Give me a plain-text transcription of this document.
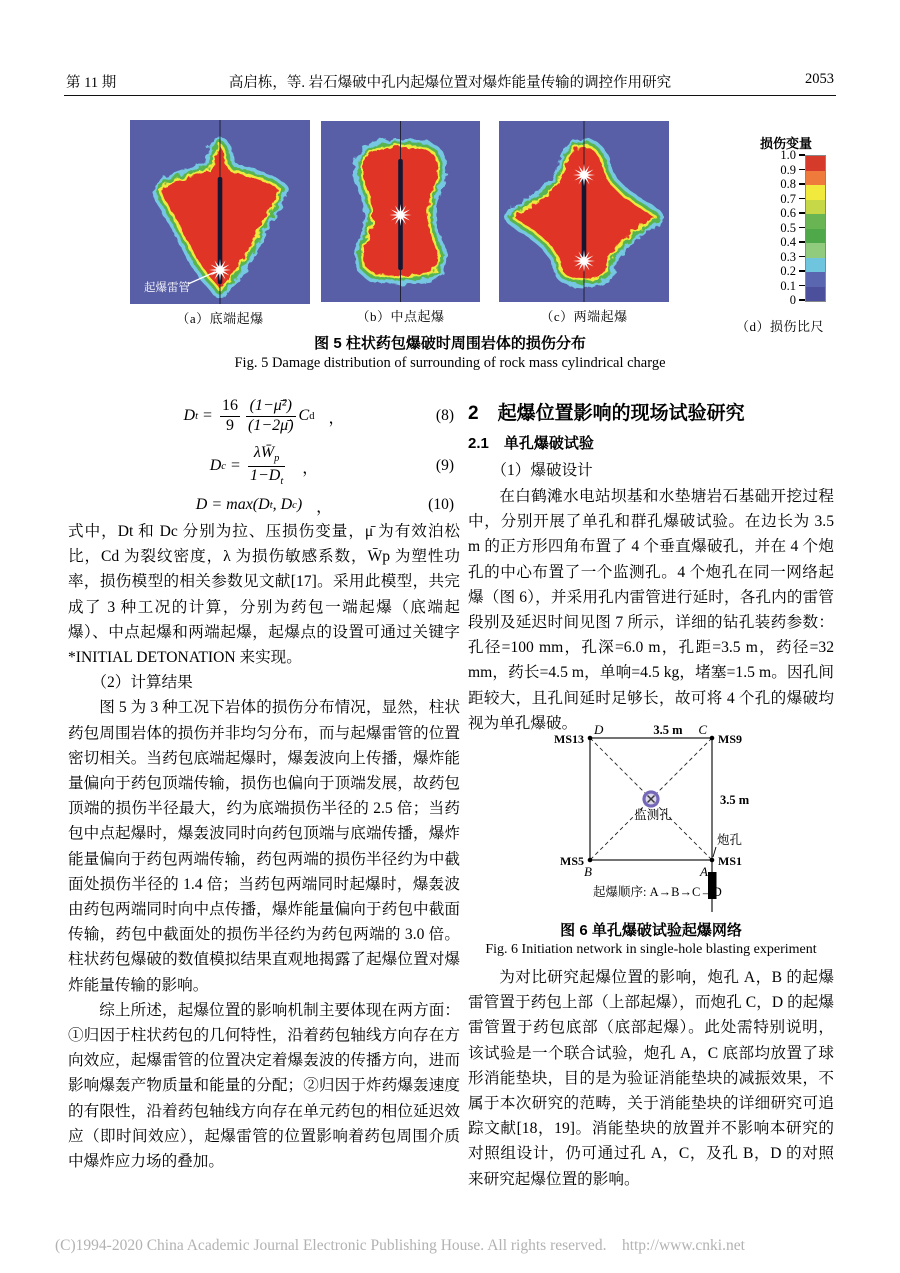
第 11 期	高启栋，等. 岩石爆破中孔内起爆位置对爆炸能量传输的调控作用研究	2053
起爆雷管
（a）底端起爆	（b）中点起爆	（c）两端起爆
损伤变量
1.0
0.9
0.8
0.7
0.6
0.5
0.4
0.3
0.2
0.1
0
（d）损伤比尺
图 5 柱状药包爆破时周围岩体的损伤分布
Fig. 5 Damage distribution of surrounding of rock mass cylindrical charge
D $t = \frac{16}{9} \frac{\text{(1−μ̄²)}}{(1-2\mū)}$ C d ，	(8)
D $c = \frac{\lambda W̄_p}{1-D_t}$ ，	(9)
D = max(D t , D c ) ，	(10)

式中，Dt 和 Dc 分别为拉、压损伤变量，μ̄ 为有效泊松比，Cd 为裂纹密度，λ 为损伤敏感系数，W̄p 为塑性功率，损伤模型的相关参数见文献[17]。采用此模型，共完成了 3 种工况的计算，分别为药包一端起爆（底端起爆）、中点起爆和两端起爆，起爆点的设置可通过关键字*INITIAL DETONATION 来实现。

（2）计算结果

图 5 为 3 种工况下岩体的损伤分布情况，显然，柱状药包周围岩体的损伤并非均匀分布，而与起爆雷管的位置密切相关。当药包底端起爆时，爆轰波向上传播，爆炸能量偏向于药包顶端传输，损伤也偏向于顶端发展，故药包顶端的损伤半径最大，约为底端损伤半径的 2.5 倍；当药包中点起爆时，爆轰波同时向药包顶端与底端传播，爆炸能量偏向于药包两端传输，药包两端的损伤半径约为中截面处损伤半径的 1.4 倍；当药包两端同时起爆时，爆轰波由药包两端同时向中点传播，爆炸能量偏向于药包中截面传输，药包中截面处的损伤半径约为药包两端的 3.0 倍。柱状药包爆破的数值模拟结果直观地揭露了起爆位置对爆炸能量传输的影响。

综上所述，起爆位置的影响机制主要体现在两方面：①归因于柱状药包的几何特性，沿着药包轴线方向存在方向效应，起爆雷管的位置决定着爆轰波的传播方向，进而影响爆轰产物质量和能量的分配；②归因于炸药爆轰速度的有限性，沿着药包轴线方向存在单元药包的相位延迟效应（即时间效应），起爆雷管的位置影响着药包周围介质中爆炸应力场的叠加。

2　起爆位置影响的现场试验研究
2.1　单孔爆破试验
（1）爆破设计

在白鹤滩水电站坝基和水垫塘岩石基础开挖过程中，分别开展了单孔和群孔爆破试验。在边长为 3.5 m 的正方形四角布置了 4 个垂直爆破孔，并在 4 个炮孔的中心布置了一个监测孔。4 个炮孔在同一网络起爆（图 6），并采用孔内雷管进行延时，各孔内的雷管段别及延迟时间见图 7 所示，详细的钻孔装药参数：孔径=100 mm，孔深=6.0 m，孔距=3.5 m，药径=32 mm，药长=4.5 m，单响=4.5 kg，堵塞=1.5 m。因孔间距较大，且孔间延时足够长，故可将 4 个孔的爆破均视为单孔爆破。	D	C
B	A
MS13	MS9
MS5	MS1
3.5 m
3.5 m
监测孔
炮孔
起爆顺序: A→B→C→D
图 6 单孔爆破试验起爆网络
Fig. 6 Initiation network in single-hole blasting experiment

为对比研究起爆位置的影响，炮孔 A，B 的起爆雷管置于药包上部（上部起爆），而炮孔 C，D 的起爆雷管置于药包底部（底部起爆）。此处需特别说明，该试验是一个联合试验，炮孔 A，C 底部均放置了球形消能垫块，目的是为验证消能垫块的减振效果，不属于本次研究的范畴，关于消能垫块的详细研究可追踪文献[18，19]。消能垫块的放置并不影响本研究的对照组设计，仍可通过孔 A，C，及孔 B，D 的对照来研究起爆位置的影响。

(C)1994-2020 China Academic Journal Electronic Publishing House. All rights reserved.    http://www.cnki.net
